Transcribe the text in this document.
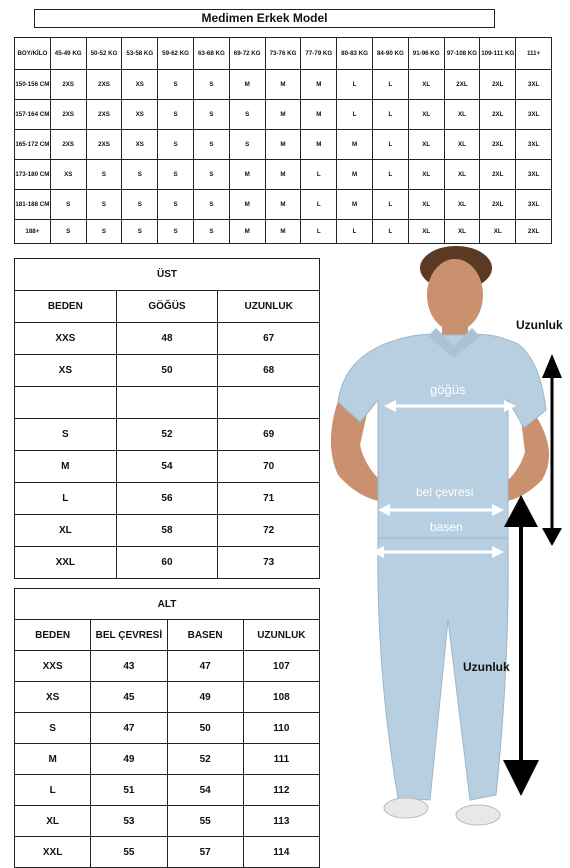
Medimen Erkek Model
BOY/KİLO	45-49 KG	50-52 KG	53-58 KG	59-62 KG	63-68 KG	69-72 KG	73-76 KG	77-79 KG	80-83 KG	84-90 KG	91-96 KG	97-108 KG	109-111 KG	111+
150-156 CM	2XS	2XS	XS	S	S	M	M	M	L	L	XL	2XL	2XL	3XL
157-164 CM	2XS	2XS	XS	S	S	S	M	M	L	L	XL	XL	2XL	3XL
165-172 CM	2XS	2XS	XS	S	S	S	M	M	M	L	XL	XL	2XL	3XL
173-180 CM	XS	S	S	S	S	M	M	L	M	L	XL	XL	2XL	3XL
181-188 CM	S	S	S	S	S	M	M	L	M	L	XL	XL	2XL	3XL
188+	S	S	S	S	S	M	M	L	L	L	XL	XL	XL	2XL
ÜST		
BEDEN	GÖĞÜS	UZUNLUK
XXS	48	67
XS	50	68

S	52	69
M	54	70
L	56	71
XL	58	72
XXL	60	73
ALT			
BEDEN	BEL ÇEVRESİ	BASEN	UZUNLUK
XXS	43	47	107
XS	45	49	108
S	47	50	110
M	49	52	111
L	51	54	112
XL	53	55	113
XXL	55	57	114
Uzunluk
göğüs
bel çevresi
basen
Uzunluk
